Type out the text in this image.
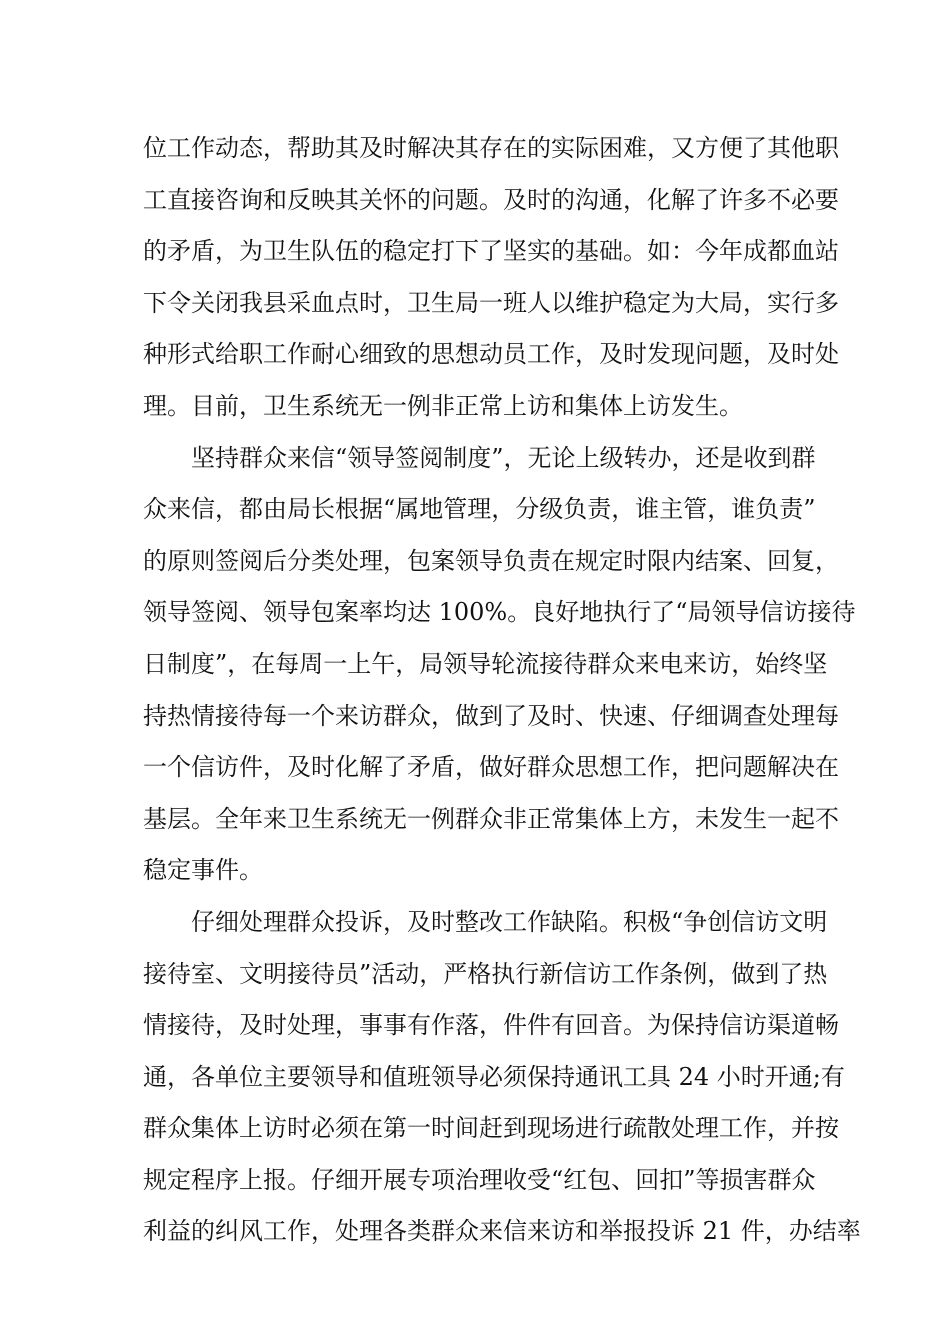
位工作动态，帮助其及时解决其存在的实际困难，又方便了其他职
工直接咨询和反映其关怀的问题。及时的沟通，化解了许多不必要
的矛盾，为卫生队伍的稳定打下了坚实的基础。如：今年成都血站
下令关闭我县采血点时，卫生局一班人以维护稳定为大局，实行多
种形式给职工作耐心细致的思想动员工作，及时发现问题，及时处
理。目前，卫生系统无一例非正常上访和集体上访发生。
坚持群众来信“领导签阅制度”，无论上级转办，还是收到群
众来信，都由局长根据“属地管理，分级负责，谁主管，谁负责”
的原则签阅后分类处理，包案领导负责在规定时限内结案、回复，
领导签阅、领导包案率均达 100%。良好地执行了“局领导信访接待
日制度”，在每周一上午，局领导轮流接待群众来电来访，始终坚
持热情接待每一个来访群众，做到了及时、快速、仔细调查处理每
一个信访件，及时化解了矛盾，做好群众思想工作，把问题解决在
基层。全年来卫生系统无一例群众非正常集体上方，未发生一起不
稳定事件。
仔细处理群众投诉，及时整改工作缺陷。积极“争创信访文明
接待室、文明接待员”活动，严格执行新信访工作条例，做到了热
情接待，及时处理，事事有作落，件件有回音。为保持信访渠道畅
通，各单位主要领导和值班领导必须保持通讯工具 24 小时开通;有
群众集体上访时必须在第一时间赶到现场进行疏散处理工作，并按
规定程序上报。仔细开展专项治理收受“红包、回扣”等损害群众
利益的纠风工作，处理各类群众来信来访和举报投诉 21 件，办结率
